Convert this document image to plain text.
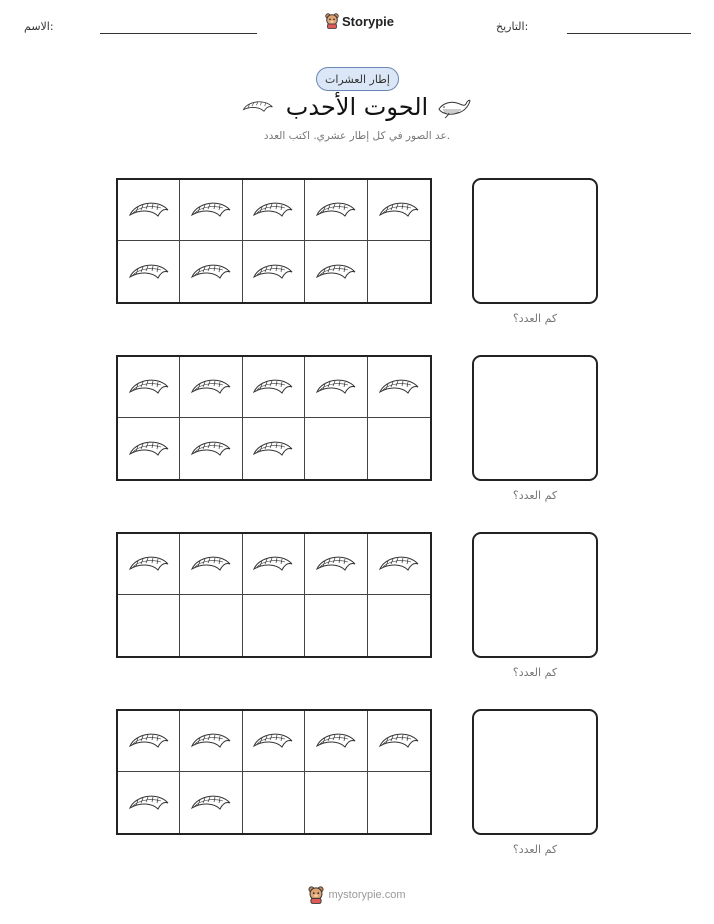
الاسم:	Storypie	التاريخ:
إطار العشرات
الحوت الأحدب
عد الصور في كل إطار عشري. اكتب العدد.
كم العدد؟
كم العدد؟
كم العدد؟
كم العدد؟
mystorypie.com
